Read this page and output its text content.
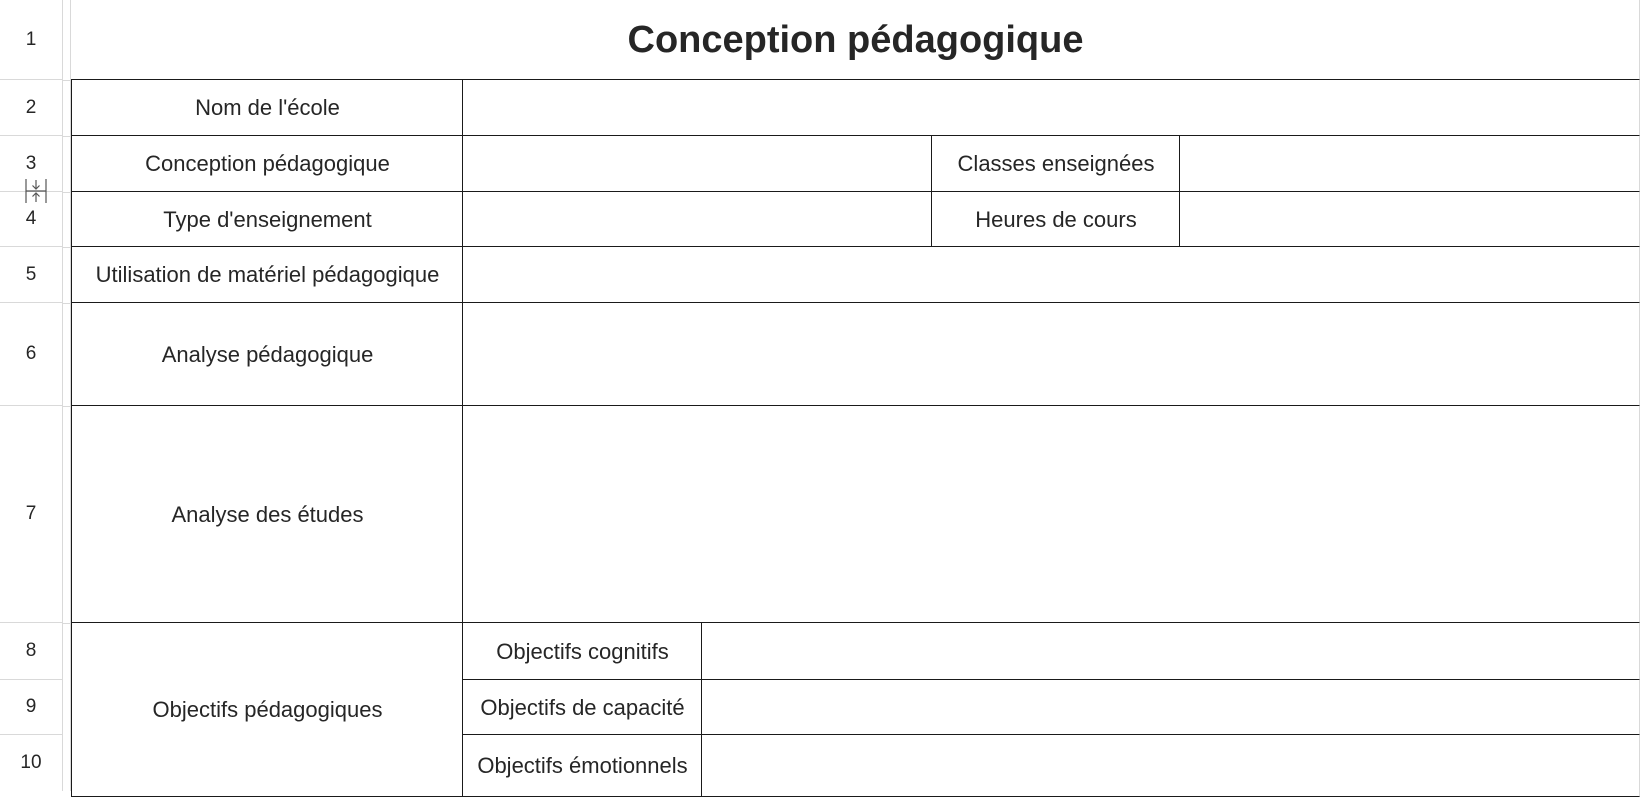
1
2
3
4
5
6
7
8
9
10
Conception pédagogique
Nom de l'école
Conception pédagogique	Classes enseignées
Type d'enseignement	Heures de cours
Utilisation de matériel pédagogique
Analyse pédagogique
Analyse des études
Objectifs pédagogiques
Objectifs cognitifs
Objectifs de capacité
Objectifs émotionnels
